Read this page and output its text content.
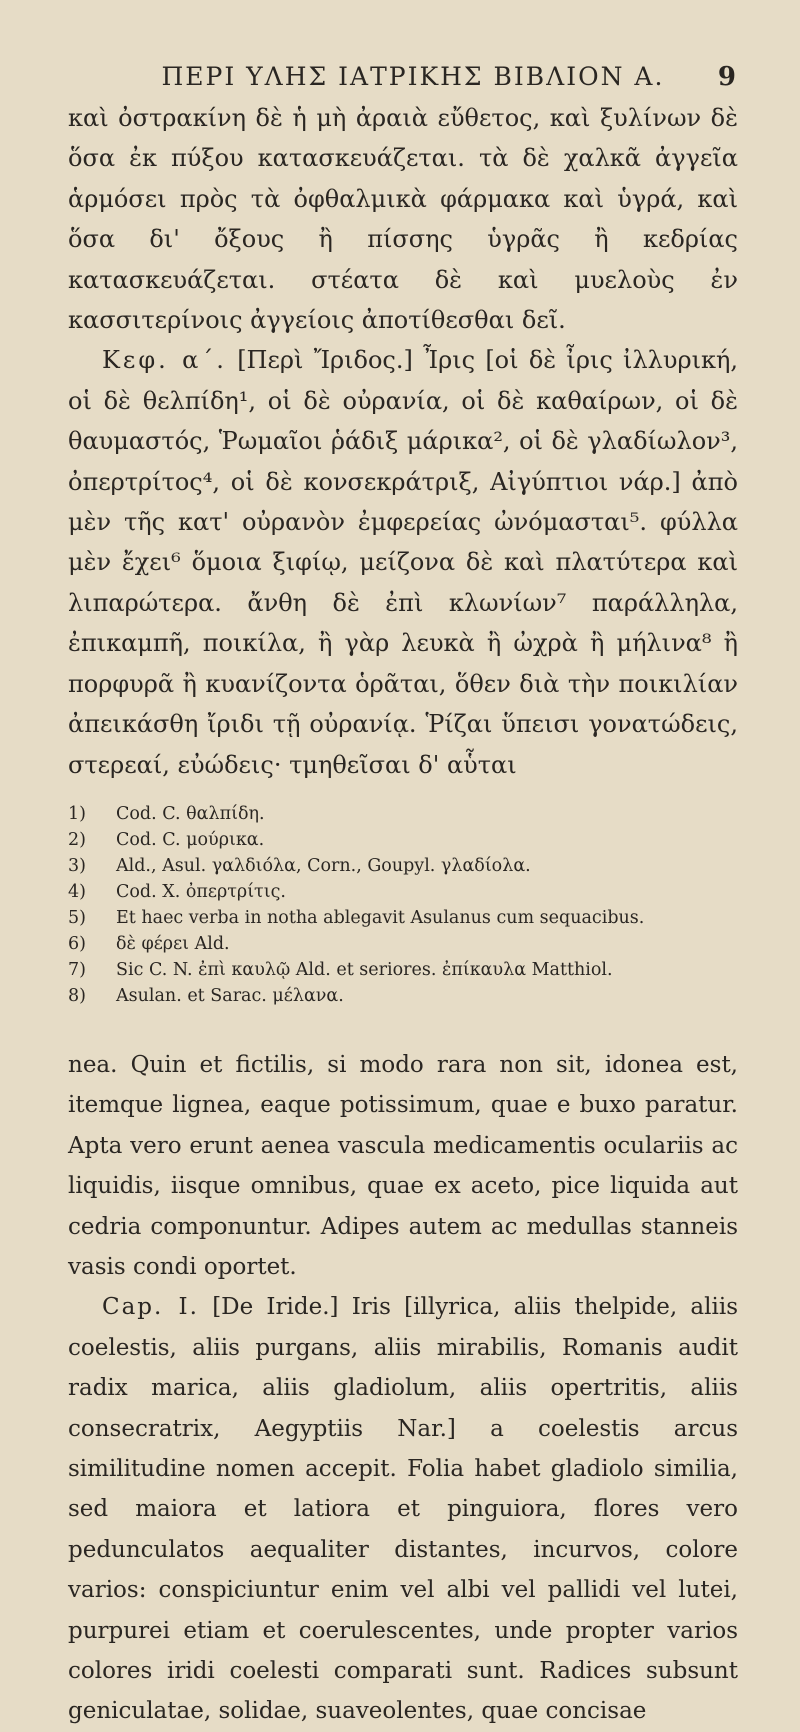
ΠΕΡΙ ΥΛΗΣ ΙΑΤΡΙΚΗΣ ΒΙΒΛΙΟΝ Α.	9

καὶ ὀστρακίνη δὲ ἡ μὴ ἀραιὰ εὔθετος, καὶ ξυλίνων δὲ ὅσα ἐκ πύξου κατασκευάζεται. τὰ δὲ χαλκᾶ ἀγγεῖα ἁρμόσει πρὸς τὰ ὀφθαλμικὰ φάρμακα καὶ ὑγρά, καὶ ὅσα δι' ὄξους ἢ πίσσης ὑγρᾶς ἢ κεδρίας κατασκευάζεται. στέατα δὲ καὶ μυελοὺς ἐν κασσιτερίνοις ἀγγείοις ἀποτίθεσθαι δεῖ.

Κεφ. α΄. [Περὶ Ἴριδος.] Ἶρις [οἱ δὲ ἶρις ἰλλυρική, οἱ δὲ θελπίδη¹, οἱ δὲ οὐρανία, οἱ δὲ καθαίρων, οἱ δὲ θαυμαστός, Ῥωμαῖοι ῥάδιξ μάρικα², οἱ δὲ γλαδίωλον³, ὀπερτρίτος⁴, οἱ δὲ κονσεκράτριξ, Αἰγύπτιοι νάρ.] ἀπὸ μὲν τῆς κατ' οὐρανὸν ἐμφερείας ὠνόμασται⁵. φύλλα μὲν ἔχει⁶ ὅμοια ξιφίῳ, μείζονα δὲ καὶ πλατύτερα καὶ λιπαρώτερα. ἄνθη δὲ ἐπὶ κλωνίων⁷ παράλληλα, ἐπικαμπῆ, ποικίλα, ἢ γὰρ λευκὰ ἢ ὠχρὰ ἢ μήλινα⁸ ἢ πορφυρᾶ ἢ κυανίζοντα ὁρᾶται, ὅθεν διὰ τὴν ποικιλίαν ἀπεικάσθη ἴριδι τῇ οὐρανίᾳ. Ῥίζαι ὕπεισι γονατώδεις, στερεαί, εὐώδεις· τμηθεῖσαι δ' αὗται

1)	Cod. C. θαλπίδη.
2)	Cod. C. μούρικα.
3)	Ald., Asul. γαλδιόλα, Corn., Goupyl. γλαδίολα.
4)	Cod. X. ὀπερτρίτις.
5)	Et haec verba in notha ablegavit Asulanus cum sequacibus.
6)	δὲ φέρει Ald.
7)	Sic C. N. ἐπὶ καυλῷ Ald. et seriores. ἐπίκαυλα Matthiol.
8)	Asulan. et Sarac. μέλανα.

nea. Quin et fictilis, si modo rara non sit, idonea est, itemque lignea, eaque potissimum, quae e buxo paratur. Apta vero erunt aenea vascula medicamentis oculariis ac liquidis, iisque omnibus, quae ex aceto, pice liquida aut cedria componuntur. Adipes autem ac medullas stanneis vasis condi oportet.

Cap. I. [De Iride.] Iris [illyrica, aliis thelpide, aliis coelestis, aliis purgans, aliis mirabilis, Romanis audit radix marica, aliis gladiolum, aliis opertritis, aliis consecratrix, Aegyptiis Nar.] a coelestis arcus similitudine nomen accepit. Folia habet gladiolo similia, sed maiora et latiora et pinguiora, flores vero pedunculatos aequaliter distantes, incurvos, colore varios: conspiciuntur enim vel albi vel pallidi vel lutei, purpurei etiam et coerulescentes, unde propter varios colores iridi coelesti comparati sunt. Radices subsunt geniculatae, solidae, suaveolentes, quae concisae
